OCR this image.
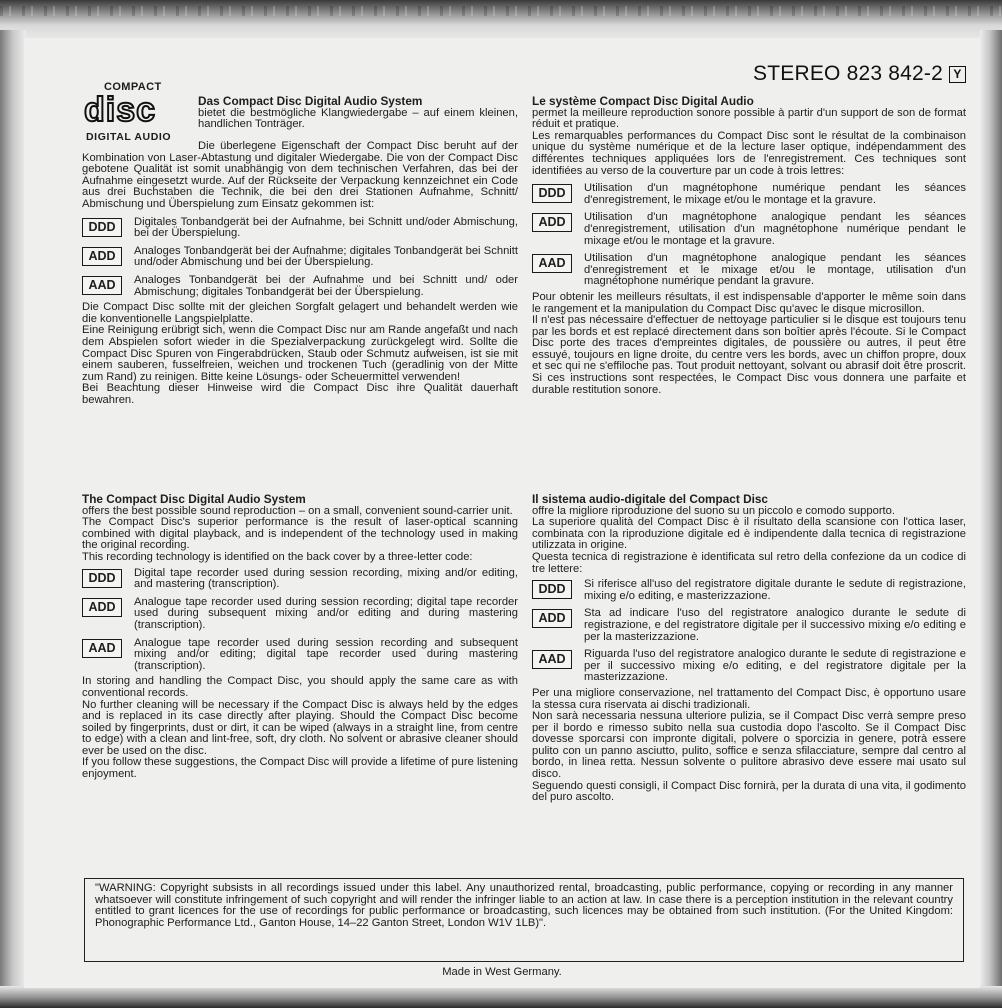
STEREO 823 842-2 Y
COMPACT
disc
DIGITAL AUDIO
Das Compact Disc Digital Audio System
bietet die bestmögliche Klangwiedergabe – auf einem kleinen, handlichen Tonträger.
Die überlegene Eigenschaft der Compact Disc beruht auf der Kombination von Laser-Abtastung und digitaler Wiedergabe. Die von der Compact Disc gebotene Qualität ist somit unabhängig von dem technischen Verfahren, das bei der Aufnahme eingesetzt wurde. Auf der Rückseite der Verpackung kennzeichnet ein Code aus drei Buchstaben die Technik, die bei den drei Stationen Aufnahme, Schnitt/ Abmischung und Überspielung zum Einsatz gekommen ist:
DDD	Digitales Tonbandgerät bei der Aufnahme, bei Schnitt und/oder Abmischung, bei der Überspielung.
ADD	Analoges Tonbandgerät bei der Aufnahme; digitales Tonbandgerät bei Schnitt und/oder Abmischung und bei der Überspielung.
AAD	Analoges Tonbandgerät bei der Aufnahme und bei Schnitt und/ oder Abmischung; digitales Tonbandgerät bei der Überspielung.
Die Compact Disc sollte mit der gleichen Sorgfalt gelagert und behandelt werden wie die konventionelle Langspielplatte.
Eine Reinigung erübrigt sich, wenn die Compact Disc nur am Rande angefaßt und nach dem Abspielen sofort wieder in die Spezialverpackung zurückgelegt wird. Sollte die Compact Disc Spuren von Fingerabdrücken, Staub oder Schmutz aufweisen, ist sie mit einem sauberen, fusselfreien, weichen und trockenen Tuch (geradlinig von der Mitte zum Rand) zu reinigen. Bitte keine Lösungs- oder Scheuermittel verwenden!
Bei Beachtung dieser Hinweise wird die Compact Disc ihre Qualität dauerhaft bewahren.
The Compact Disc Digital Audio System
offers the best possible sound reproduction – on a small, convenient sound-carrier unit.
The Compact Disc's superior performance is the result of laser-optical scanning combined with digital playback, and is independent of the technology used in making the original recording.
This recording technology is identified on the back cover by a three-letter code:
DDD	Digital tape recorder used during session recording, mixing and/or editing, and mastering (transcription).
ADD	Analogue tape recorder used during session recording; digital tape recorder used during subsequent mixing and/or editing and during mastering (transcription).
AAD	Analogue tape recorder used during session recording and subsequent mixing and/or editing; digital tape recorder used during mastering (transcription).
In storing and handling the Compact Disc, you should apply the same care as with conventional records.
No further cleaning will be necessary if the Compact Disc is always held by the edges and is replaced in its case directly after playing. Should the Compact Disc become soiled by fingerprints, dust or dirt, it can be wiped (always in a straight line, from centre to edge) with a clean and lint-free, soft, dry cloth. No solvent or abrasive cleaner should ever be used on the disc.
If you follow these suggestions, the Compact Disc will provide a lifetime of pure listening enjoyment.
Le système Compact Disc Digital Audio
permet la meilleure reproduction sonore possible à partir d'un support de son de format réduit et pratique.
Les remarquables performances du Compact Disc sont le résultat de la combinaison unique du système numérique et de la lecture laser optique, indépendamment des différentes techniques appliquées lors de l'enregistrement. Ces techniques sont identifiées au verso de la couverture par un code à trois lettres:
DDD	Utilisation d'un magnétophone numérique pendant les séances d'enregistrement, le mixage et/ou le montage et la gravure.
ADD	Utilisation d'un magnétophone analogique pendant les séances d'enregistrement, utilisation d'un magnétophone numérique pendant le mixage et/ou le montage et la gravure.
AAD	Utilisation d'un magnétophone analogique pendant les séances d'enregistrement et le mixage et/ou le montage, utilisation d'un magnétophone numérique pendant la gravure.
Pour obtenir les meilleurs résultats, il est indispensable d'apporter le même soin dans le rangement et la manipulation du Compact Disc qu'avec le disque microsillon.
Il n'est pas nécessaire d'effectuer de nettoyage particulier si le disque est toujours tenu par les bords et est replacé directement dans son boîtier après l'écoute. Si le Compact Disc porte des traces d'empreintes digitales, de poussière ou autres, il peut être essuyé, toujours en ligne droite, du centre vers les bords, avec un chiffon propre, doux et sec qui ne s'effiloche pas. Tout produit nettoyant, solvant ou abrasif doit être proscrit. Si ces instructions sont respectées, le Compact Disc vous donnera une parfaite et durable restitution sonore.
Il sistema audio-digitale del Compact Disc
offre la migliore riproduzione del suono su un piccolo e comodo supporto.
La superiore qualità del Compact Disc è il risultato della scansione con l'ottica laser, combinata con la riproduzione digitale ed è indipendente dalla tecnica di registrazione utilizzata in origine.
Questa tecnica di registrazione è identificata sul retro della confezione da un codice di tre lettere:
DDD	Si riferisce all'uso del registratore digitale durante le sedute di registrazione, mixing e/o editing, e masterizzazione.
ADD	Sta ad indicare l'uso del registratore analogico durante le sedute di registrazione, e del registratore digitale per il successivo mixing e/o editing e per la masterizzazione.
AAD	Riguarda l'uso del registratore analogico durante le sedute di registrazione e per il successivo mixing e/o editing, e del registratore digitale per la masterizzazione.
Per una migliore conservazione, nel trattamento del Compact Disc, è opportuno usare la stessa cura riservata ai dischi tradizionali.
Non sarà necessaria nessuna ulteriore pulizia, se il Compact Disc verrà sempre preso per il bordo e rimesso subito nella sua custodia dopo l'ascolto. Se il Compact Disc dovesse sporcarsi con impronte digitali, polvere o sporcizia in genere, potrà essere pulito con un panno asciutto, pulito, soffice e senza sfilacciature, sempre dal centro al bordo, in linea retta. Nessun solvente o pulitore abrasivo deve essere mai usato sul disco.
Seguendo questi consigli, il Compact Disc fornirà, per la durata di una vita, il godimento del puro ascolto.
"WARNING: Copyright subsists in all recordings issued under this label. Any unauthorized rental, broadcasting, public performance, copying or recording in any manner whatsoever will constitute infringement of such copyright and will render the infringer liable to an action at law. In case there is a perception institution in the relevant country entitled to grant licences for the use of recordings for public performance or broadcasting, such licences may be obtained from such institution. (For the United Kingdom: Phonographic Performance Ltd., Ganton House, 14–22 Ganton Street, London W1V 1LB)".
Made in West Germany.
